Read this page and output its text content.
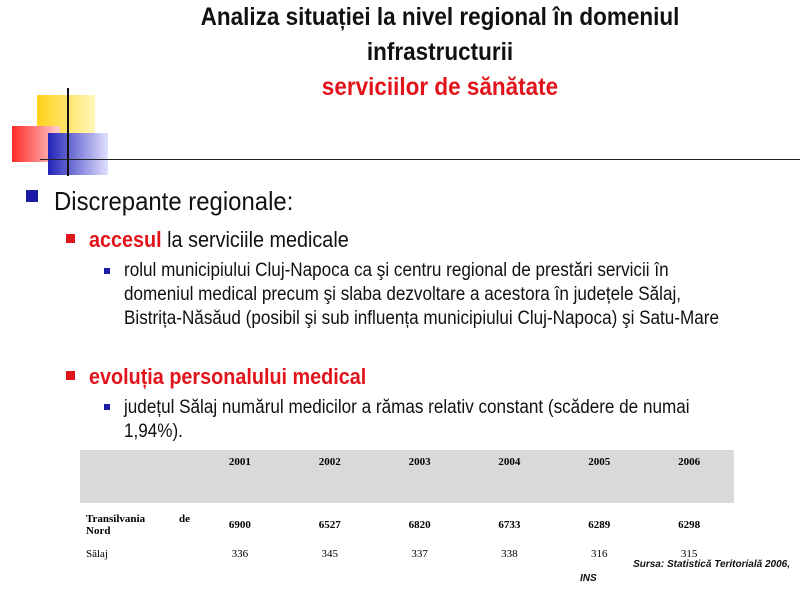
Analiza situației la nivel regional în domeniul
infrastructurii
serviciilor de sănătate
Discrepante regionale:
accesul la serviciile medicale
rolul municipiului Cluj-Napoca ca şi centru regional de prestări servicii în domeniul medical precum şi slaba dezvoltare a acestora în județele Sălaj, Bistrița-Năsăud (posibil şi sub influența municipiului Cluj-Napoca) şi Satu-Mare
evoluția personalului medical
județul Sălaj numărul medicilor a rămas relativ constant (scădere de numai 1,94%).
	2001	2002	2003	2004	2005	2006

Transilvania de
Nord	6900	6527	6820	6733	6289	6298
Sălaj	336	345	337	338	316	315
Sursa: Statistică Teritorială 2006,
INS
